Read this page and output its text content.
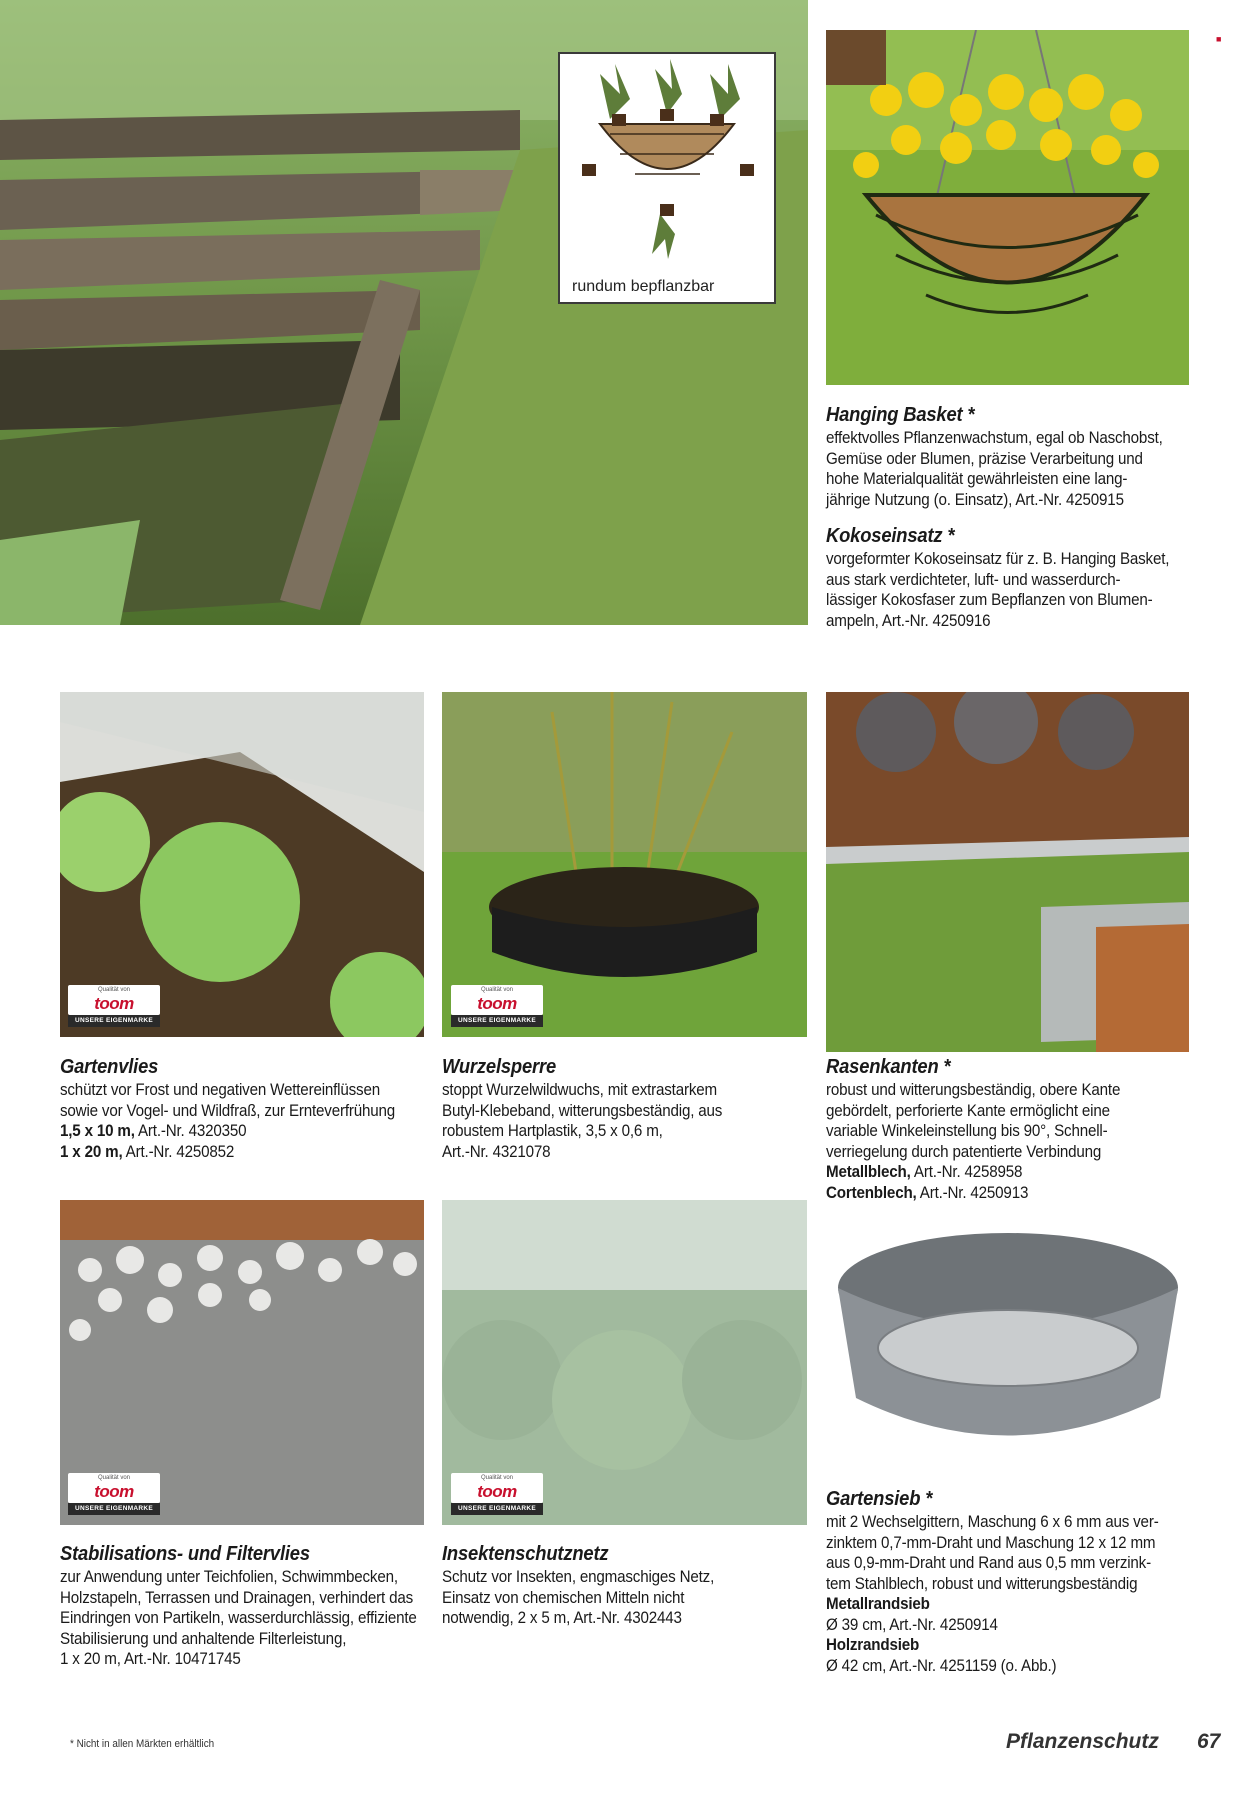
rundum bepflanzbar
Qualität von
toom
UNSERE EIGENMARKE
Qualität von
toom
UNSERE EIGENMARKE
Qualität von
toom
UNSERE EIGENMARKE
Qualität von
toom
UNSERE EIGENMARKE
■
Hanging Basket *
effektvolles Pflanzenwachstum, egal ob Naschobst,
Gemüse oder Blumen, präzise Verarbeitung und
hohe Materialqualität gewährleisten eine lang-
jährige Nutzung (o. Einsatz), Art.-Nr. 4250915
Kokoseinsatz *
vorgeformter Kokoseinsatz für z. B. Hanging Basket,
aus stark verdichteter, luft- und wasserdurch-
lässiger Kokosfaser zum Bepflanzen von Blumen-
ampeln, Art.-Nr. 4250916
Gartenvlies
schützt vor Frost und negativen Wettereinflüssen
sowie vor Vogel- und Wildfraß, zur Ernteverfrühung
1,5 x 10 m, Art.-Nr. 4320350
1 x 20 m, Art.-Nr. 4250852
Wurzelsperre
stoppt Wurzelwildwuchs, mit extrastarkem
Butyl-Klebeband, witterungsbeständig, aus
robustem Hartplastik, 3,5 x 0,6 m,
Art.-Nr. 4321078
Rasenkanten *
robust und witterungsbeständig, obere Kante
gebördelt, perforierte Kante ermöglicht eine
variable Winkeleinstellung bis 90°, Schnell-
verriegelung durch patentierte Verbindung
Metallblech, Art.-Nr. 4258958
Cortenblech, Art.-Nr. 4250913
Stabilisations- und Filtervlies
zur Anwendung unter Teichfolien, Schwimmbecken,
Holzstapeln, Terrassen und Drainagen, verhindert das
Eindringen von Partikeln, wasserdurchlässig, effiziente
Stabilisierung und anhaltende Filterleistung,
1 x 20 m, Art.-Nr. 10471745
Insektenschutznetz
Schutz vor Insekten, engmaschiges Netz,
Einsatz von chemischen Mitteln nicht
notwendig, 2 x 5 m, Art.-Nr. 4302443
Gartensieb *
mit 2 Wechselgittern, Maschung 6 x 6 mm aus ver-
zinktem 0,7-mm-Draht und Maschung 12 x 12 mm
aus 0,9-mm-Draht und Rand aus 0,5 mm verzink-
tem Stahlblech, robust und witterungsbeständig
Metallrandsieb
Ø 39 cm, Art.-Nr. 4250914
Holzrandsieb
Ø 42 cm, Art.-Nr. 4251159 (o. Abb.)
* Nicht in allen Märkten erhältlich	Pflanzenschutz 67
